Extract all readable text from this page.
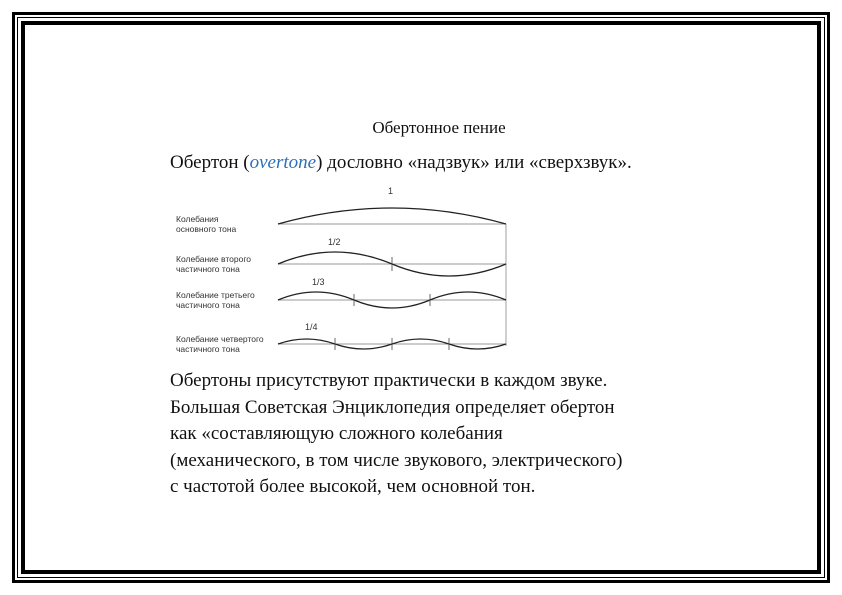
Обертонное пение
Обертон (overtone) дословно «надзвук» или «сверхзвук».
1
1/2
1/3
1/4
Колебания
основного тона
Колебание второго
частичного тона
Колебание третьего
частичного тона
Колебание четвертого
частичного тона
Обертоны присутствуют практически в каждом звуке.
Большая Советская Энциклопедия определяет обертон
как «составляющую сложного колебания
(механического, в том числе звукового, электрического)
с частотой более высокой, чем основной тон.
